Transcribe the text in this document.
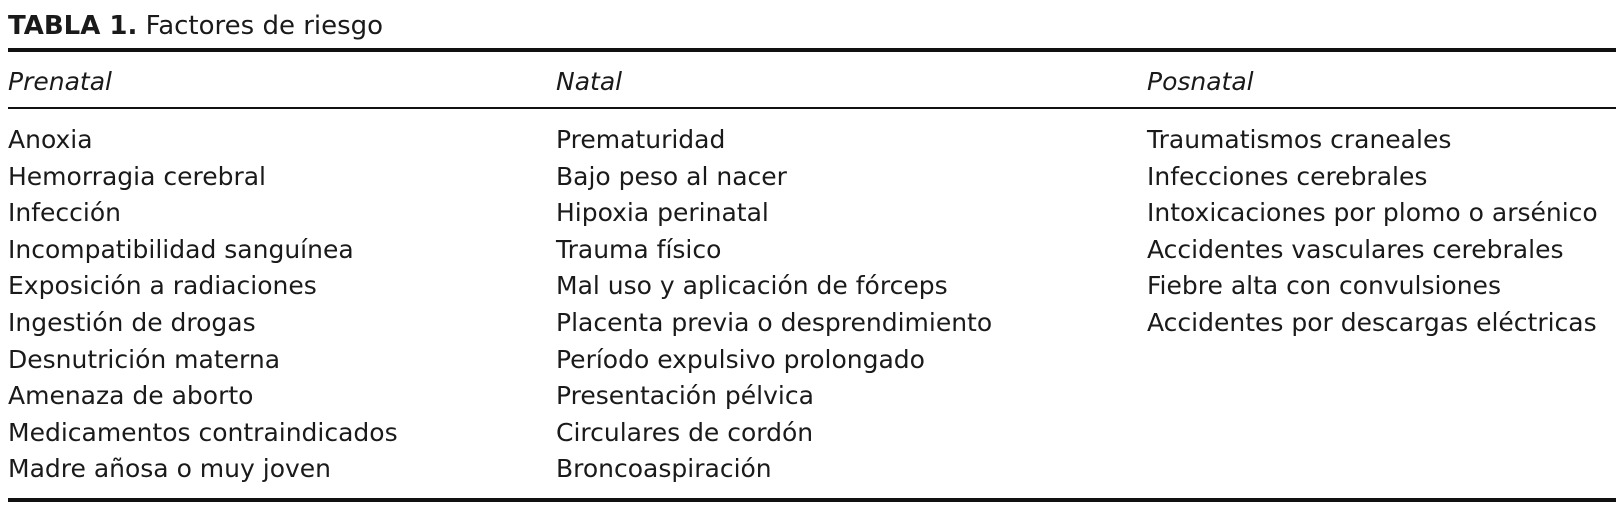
TABLA 1. Factores de riesgo
Prenatal
Anoxia
Hemorragia cerebral
Infección
Incompatibilidad sanguínea
Exposición a radiaciones
Ingestión de drogas
Desnutrición materna
Amenaza de aborto
Medicamentos contraindicados
Madre añosa o muy joven
Natal
Prematuridad
Bajo peso al nacer
Hipoxia perinatal
Trauma físico
Mal uso y aplicación de fórceps
Placenta previa o desprendimiento
Período expulsivo prolongado
Presentación pélvica
Circulares de cordón
Broncoaspiración
Posnatal
Traumatismos craneales
Infecciones cerebrales
Intoxicaciones por plomo o arsénico
Accidentes vasculares cerebrales
Fiebre alta con convulsiones
Accidentes por descargas eléctricas
